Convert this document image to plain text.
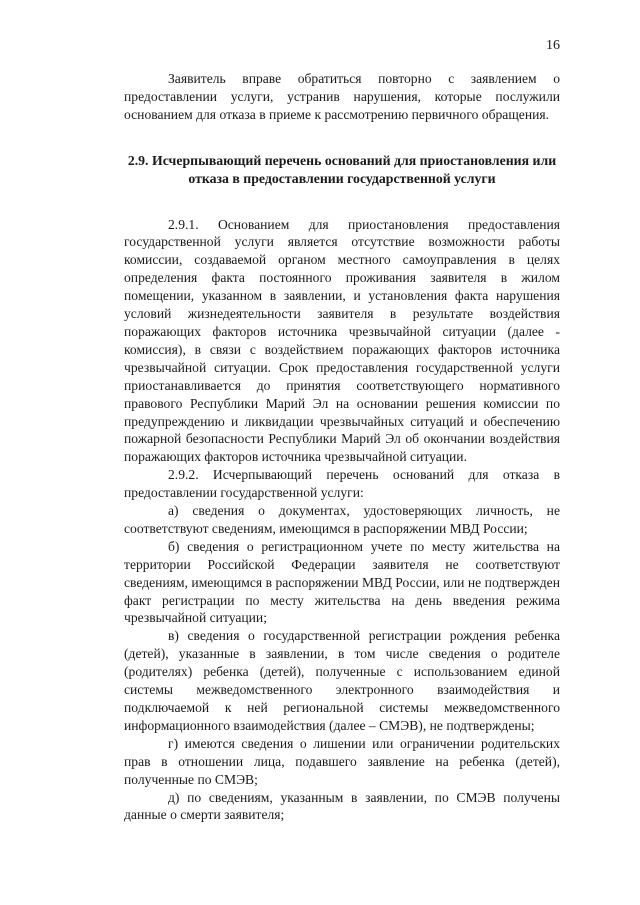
16

Заявитель вправе обратиться повторно с заявлением о предоставлении услуги, устранив нарушения, которые послужили основанием для отказа в приеме к рассмотрению первичного обращения.

2.9. Исчерпывающий перечень оснований для приостановления или отказа в предоставлении государственной услуги

2.9.1. Основанием для приостановления предоставления государственной услуги является отсутствие возможности работы комиссии, создаваемой органом местного самоуправления в целях определения факта постоянного проживания заявителя в жилом помещении, указанном в заявлении, и установления факта нарушения условий жизнедеятельности заявителя в результате воздействия поражающих факторов источника чрезвычайной ситуации (далее - комиссия), в связи с воздействием поражающих факторов источника чрезвычайной ситуации. Срок предоставления государственной услуги приостанавливается до принятия соответствующего нормативного правового Республики Марий Эл на основании решения комиссии по предупреждению и ликвидации чрезвычайных ситуаций и обеспечению пожарной безопасности Республики Марий Эл об окончании воздействия поражающих факторов источника чрезвычайной ситуации.

2.9.2. Исчерпывающий перечень оснований для отказа в предоставлении государственной услуги:

а) сведения о документах, удостоверяющих личность, не соответствуют сведениям, имеющимся в распоряжении МВД России;

б) сведения о регистрационном учете по месту жительства на территории Российской Федерации заявителя не соответствуют сведениям, имеющимся в распоряжении МВД России, или не подтвержден факт регистрации по месту жительства на день введения режима чрезвычайной ситуации;

в) сведения о государственной регистрации рождения ребенка (детей), указанные в заявлении, в том числе сведения о родителе (родителях) ребенка (детей), полученные с использованием единой системы межведомственного электронного взаимодействия и подключаемой к ней региональной системы межведомственного информационного взаимодействия (далее – СМЭВ), не подтверждены;

г) имеются сведения о лишении или ограничении родительских прав в отношении лица, подавшего заявление на ребенка (детей), полученные по СМЭВ;

д) по сведениям, указанным в заявлении, по СМЭВ получены данные о смерти заявителя;
